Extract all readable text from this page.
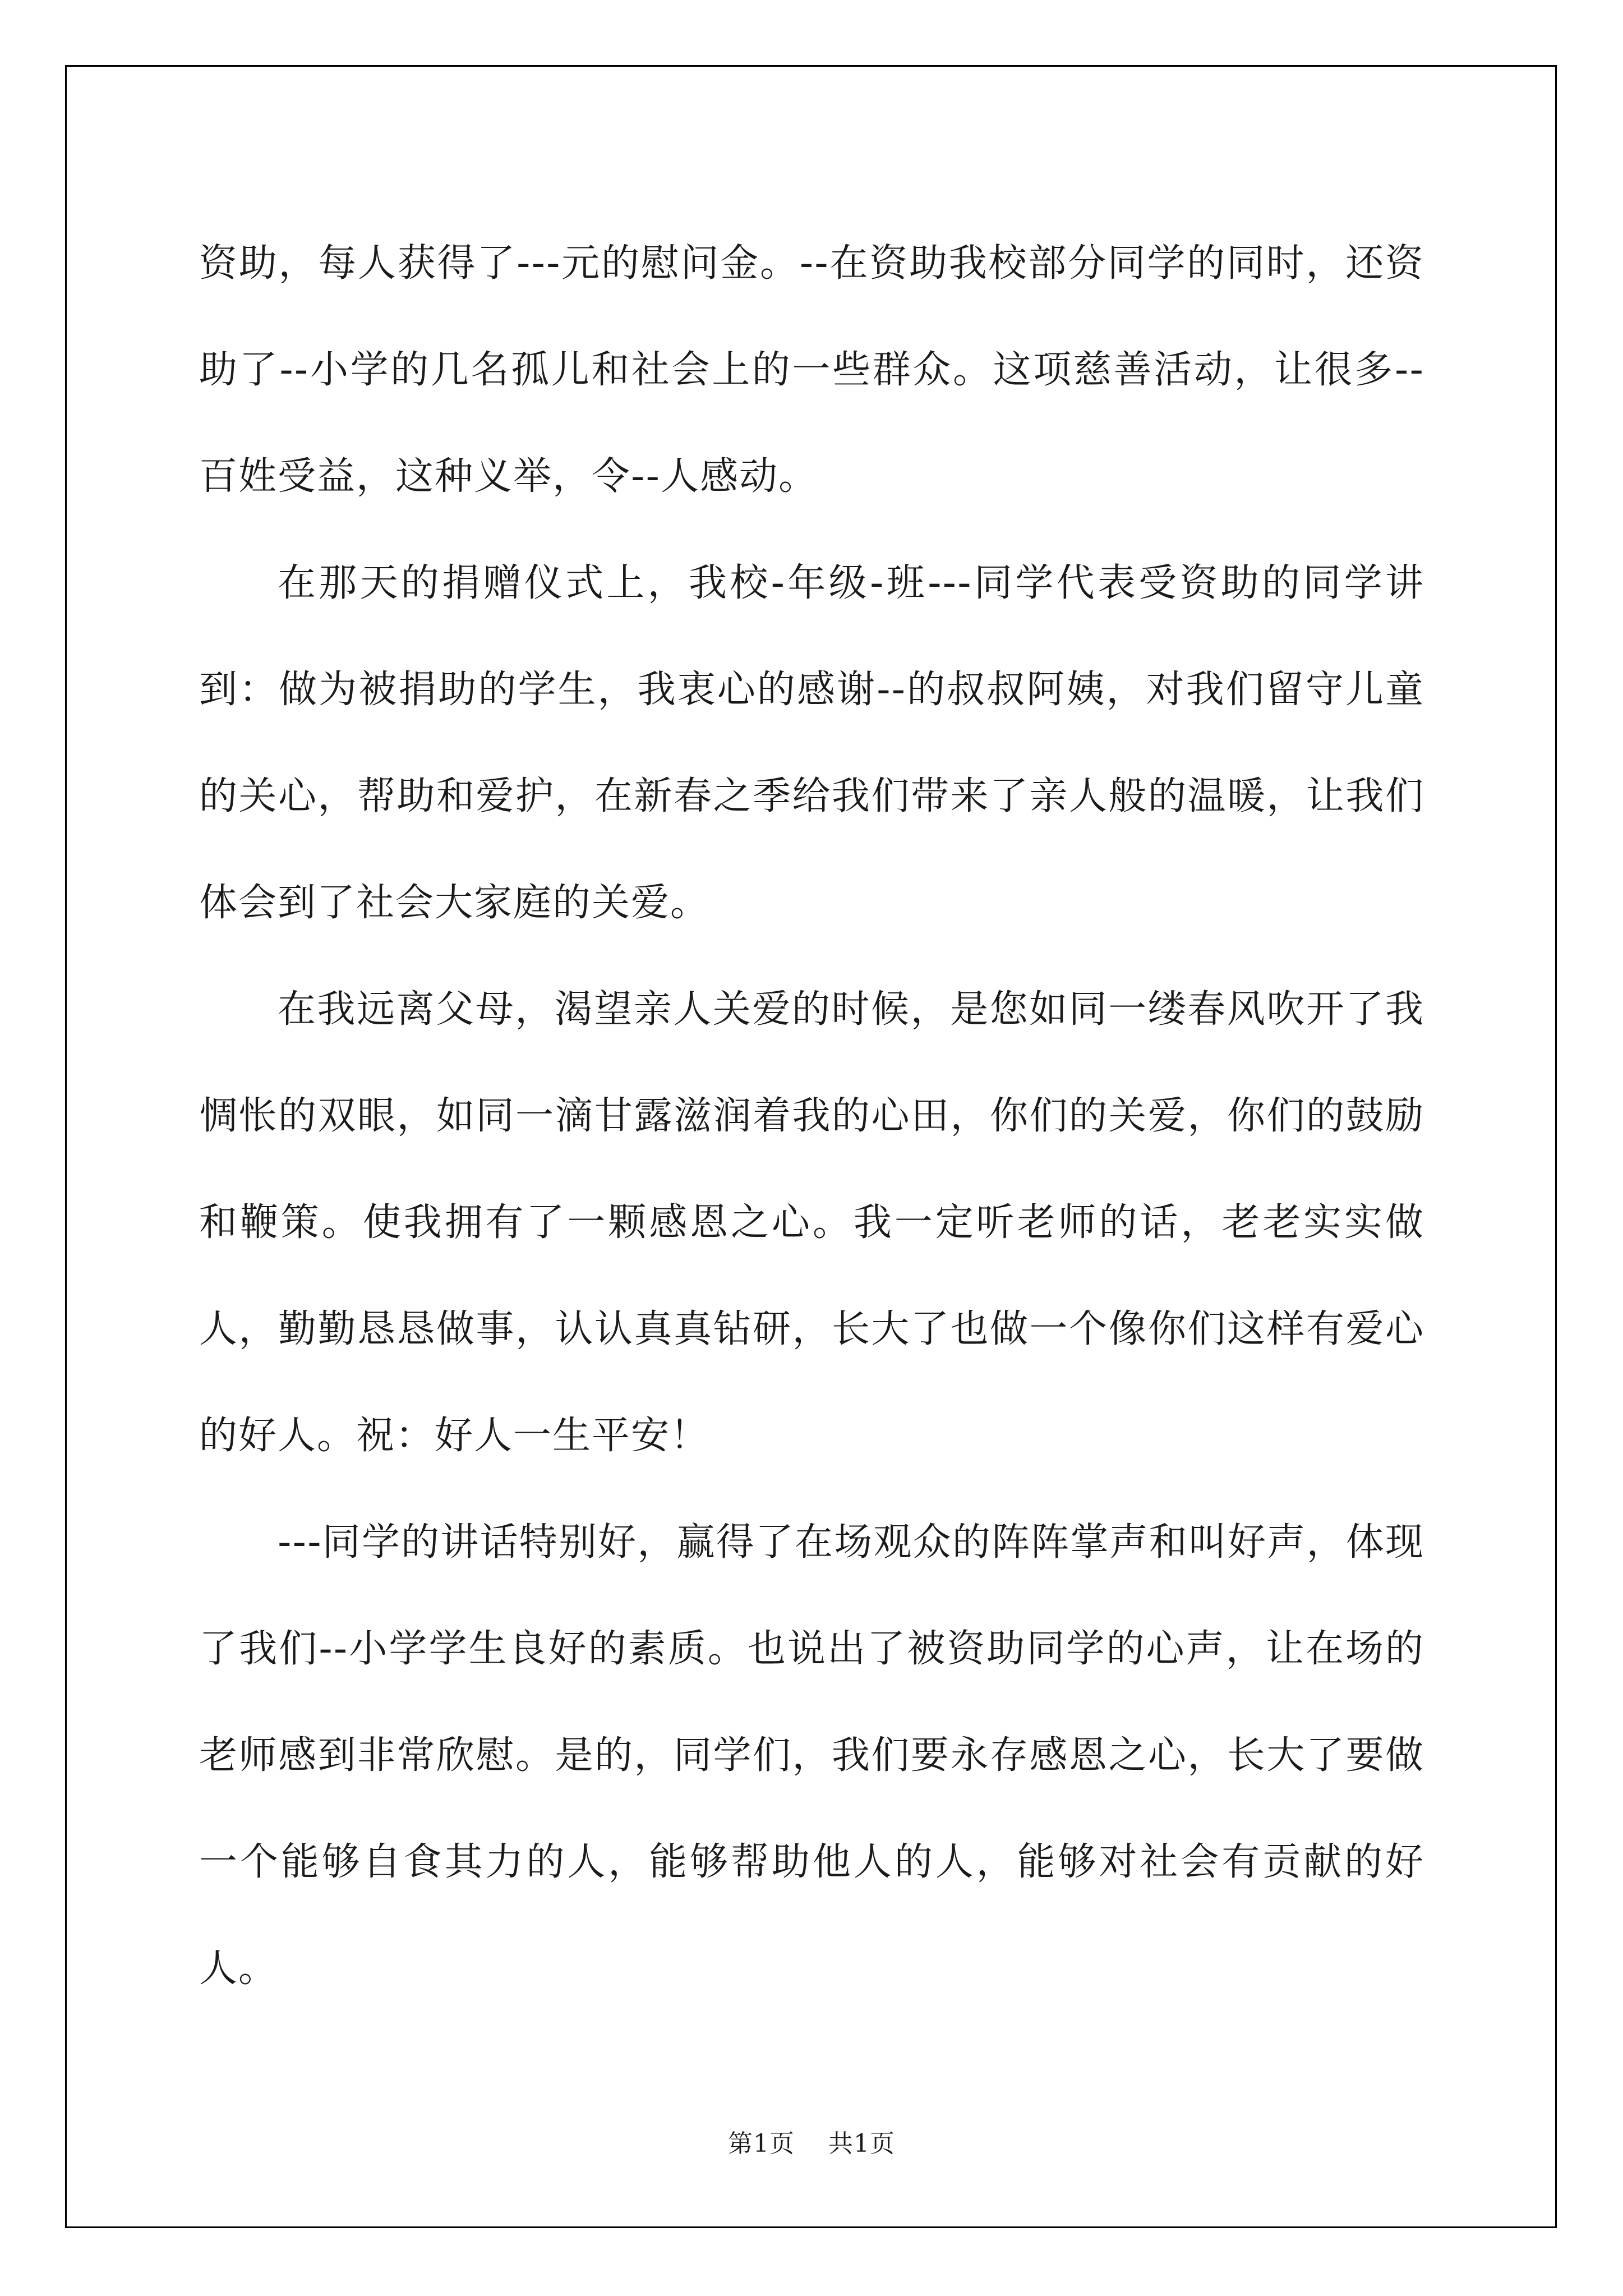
资助，每人获得了---元的慰问金。--在资助我校部分同学的同时，还资助了--小学的几名孤儿和社会上的一些群众。这项慈善活动，让很多--百姓受益，这种义举，令--人感动。

在那天的捐赠仪式上，我校-年级-班---同学代表受资助的同学讲到：做为被捐助的学生，我衷心的感谢--的叔叔阿姨，对我们留守儿童的关心，帮助和爱护，在新春之季给我们带来了亲人般的温暖，让我们体会到了社会大家庭的关爱。

在我远离父母，渴望亲人关爱的时候，是您如同一缕春风吹开了我惆怅的双眼，如同一滴甘露滋润着我的心田，你们的关爱，你们的鼓励和鞭策。使我拥有了一颗感恩之心。我一定听老师的话，老老实实做人，勤勤恳恳做事，认认真真钻研，长大了也做一个像你们这样有爱心的好人。祝：好人一生平安！

---同学的讲话特别好，赢得了在场观众的阵阵掌声和叫好声，体现了我们--小学学生良好的素质。也说出了被资助同学的心声，让在场的老师感到非常欣慰。是的，同学们，我们要永存感恩之心，长大了要做一个能够自食其力的人，能够帮助他人的人，能够对社会有贡献的好人。

第1页 共1页
